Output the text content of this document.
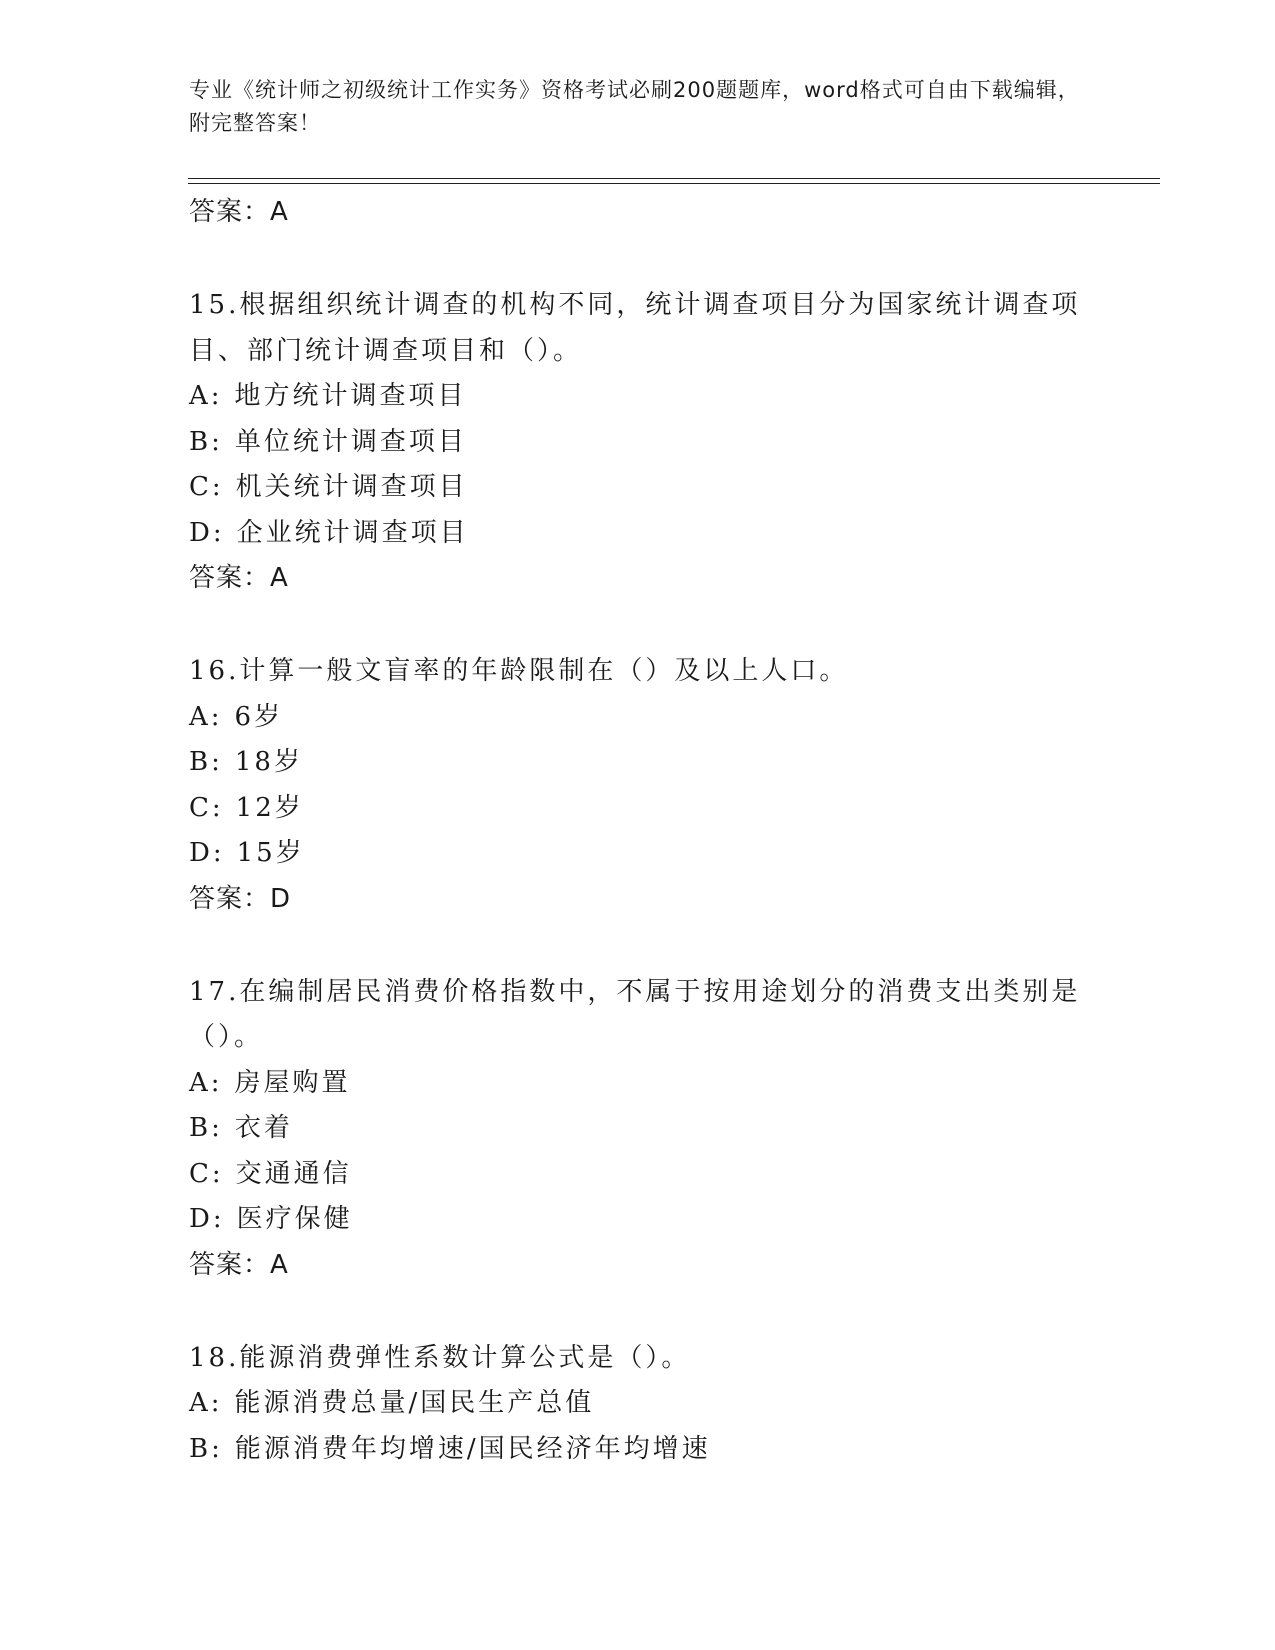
专业《统计师之初级统计工作实务》资格考试必刷200题题库，word格式可自由下载编辑，附完整答案！

答案：A

15.根据组织统计调查的机构不同，统计调查项目分为国家统计调查项目、部门统计调查项目和（）。

A: 地方统计调查项目

B: 单位统计调查项目

C: 机关统计调查项目

D: 企业统计调查项目

答案：A

16.计算一般文盲率的年龄限制在（）及以上人口。

A: 6岁

B: 18岁

C: 12岁

D: 15岁

答案：D

17.在编制居民消费价格指数中，不属于按用途划分的消费支出类别是（）。

A: 房屋购置

B: 衣着

C: 交通通信

D: 医疗保健

答案：A

18.能源消费弹性系数计算公式是（）。

A: 能源消费总量/国民生产总值

B: 能源消费年均增速/国民经济年均增速
